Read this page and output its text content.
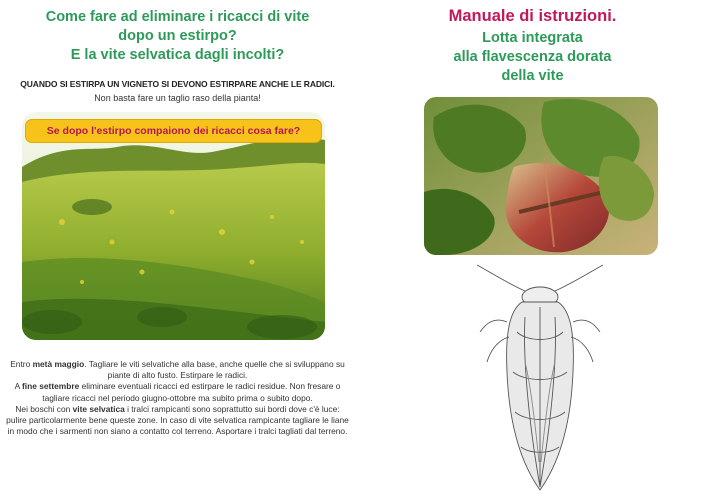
Come fare ad eliminare i ricacci di vite
dopo un estirpo?
E la vite selvatica dagli incolti?
QUANDO SI ESTIRPA UN VIGNETO SI DEVONO ESTIRPARE ANCHE LE RADICI.
Non basta fare un taglio raso della pianta!
Se dopo l'estirpo compaiono dei ricacci cosa fare?

Entro metà maggio. Tagliare le viti selvatiche alla base, anche quelle che si sviluppano su piante di alto fusto. Estirpare le radici.

A fine settembre eliminare eventuali ricacci ed estirpare le radici residue. Non fresare o tagliare ricacci nel periodo giugno-ottobre ma subito prima o subito dopo.

Nei boschi con vite selvatica i tralci rampicanti sono soprattutto sui bordi dove c'è luce: pulire particolarmente bene queste zone. In caso di vite selvatica rampicante tagliare le liane in modo che i sarmenti non siano a contatto col terreno. Asportare i tralci tagliati dal terreno.

Manuale di istruzioni.
Lotta integrata
alla flavescenza dorata
della vite
